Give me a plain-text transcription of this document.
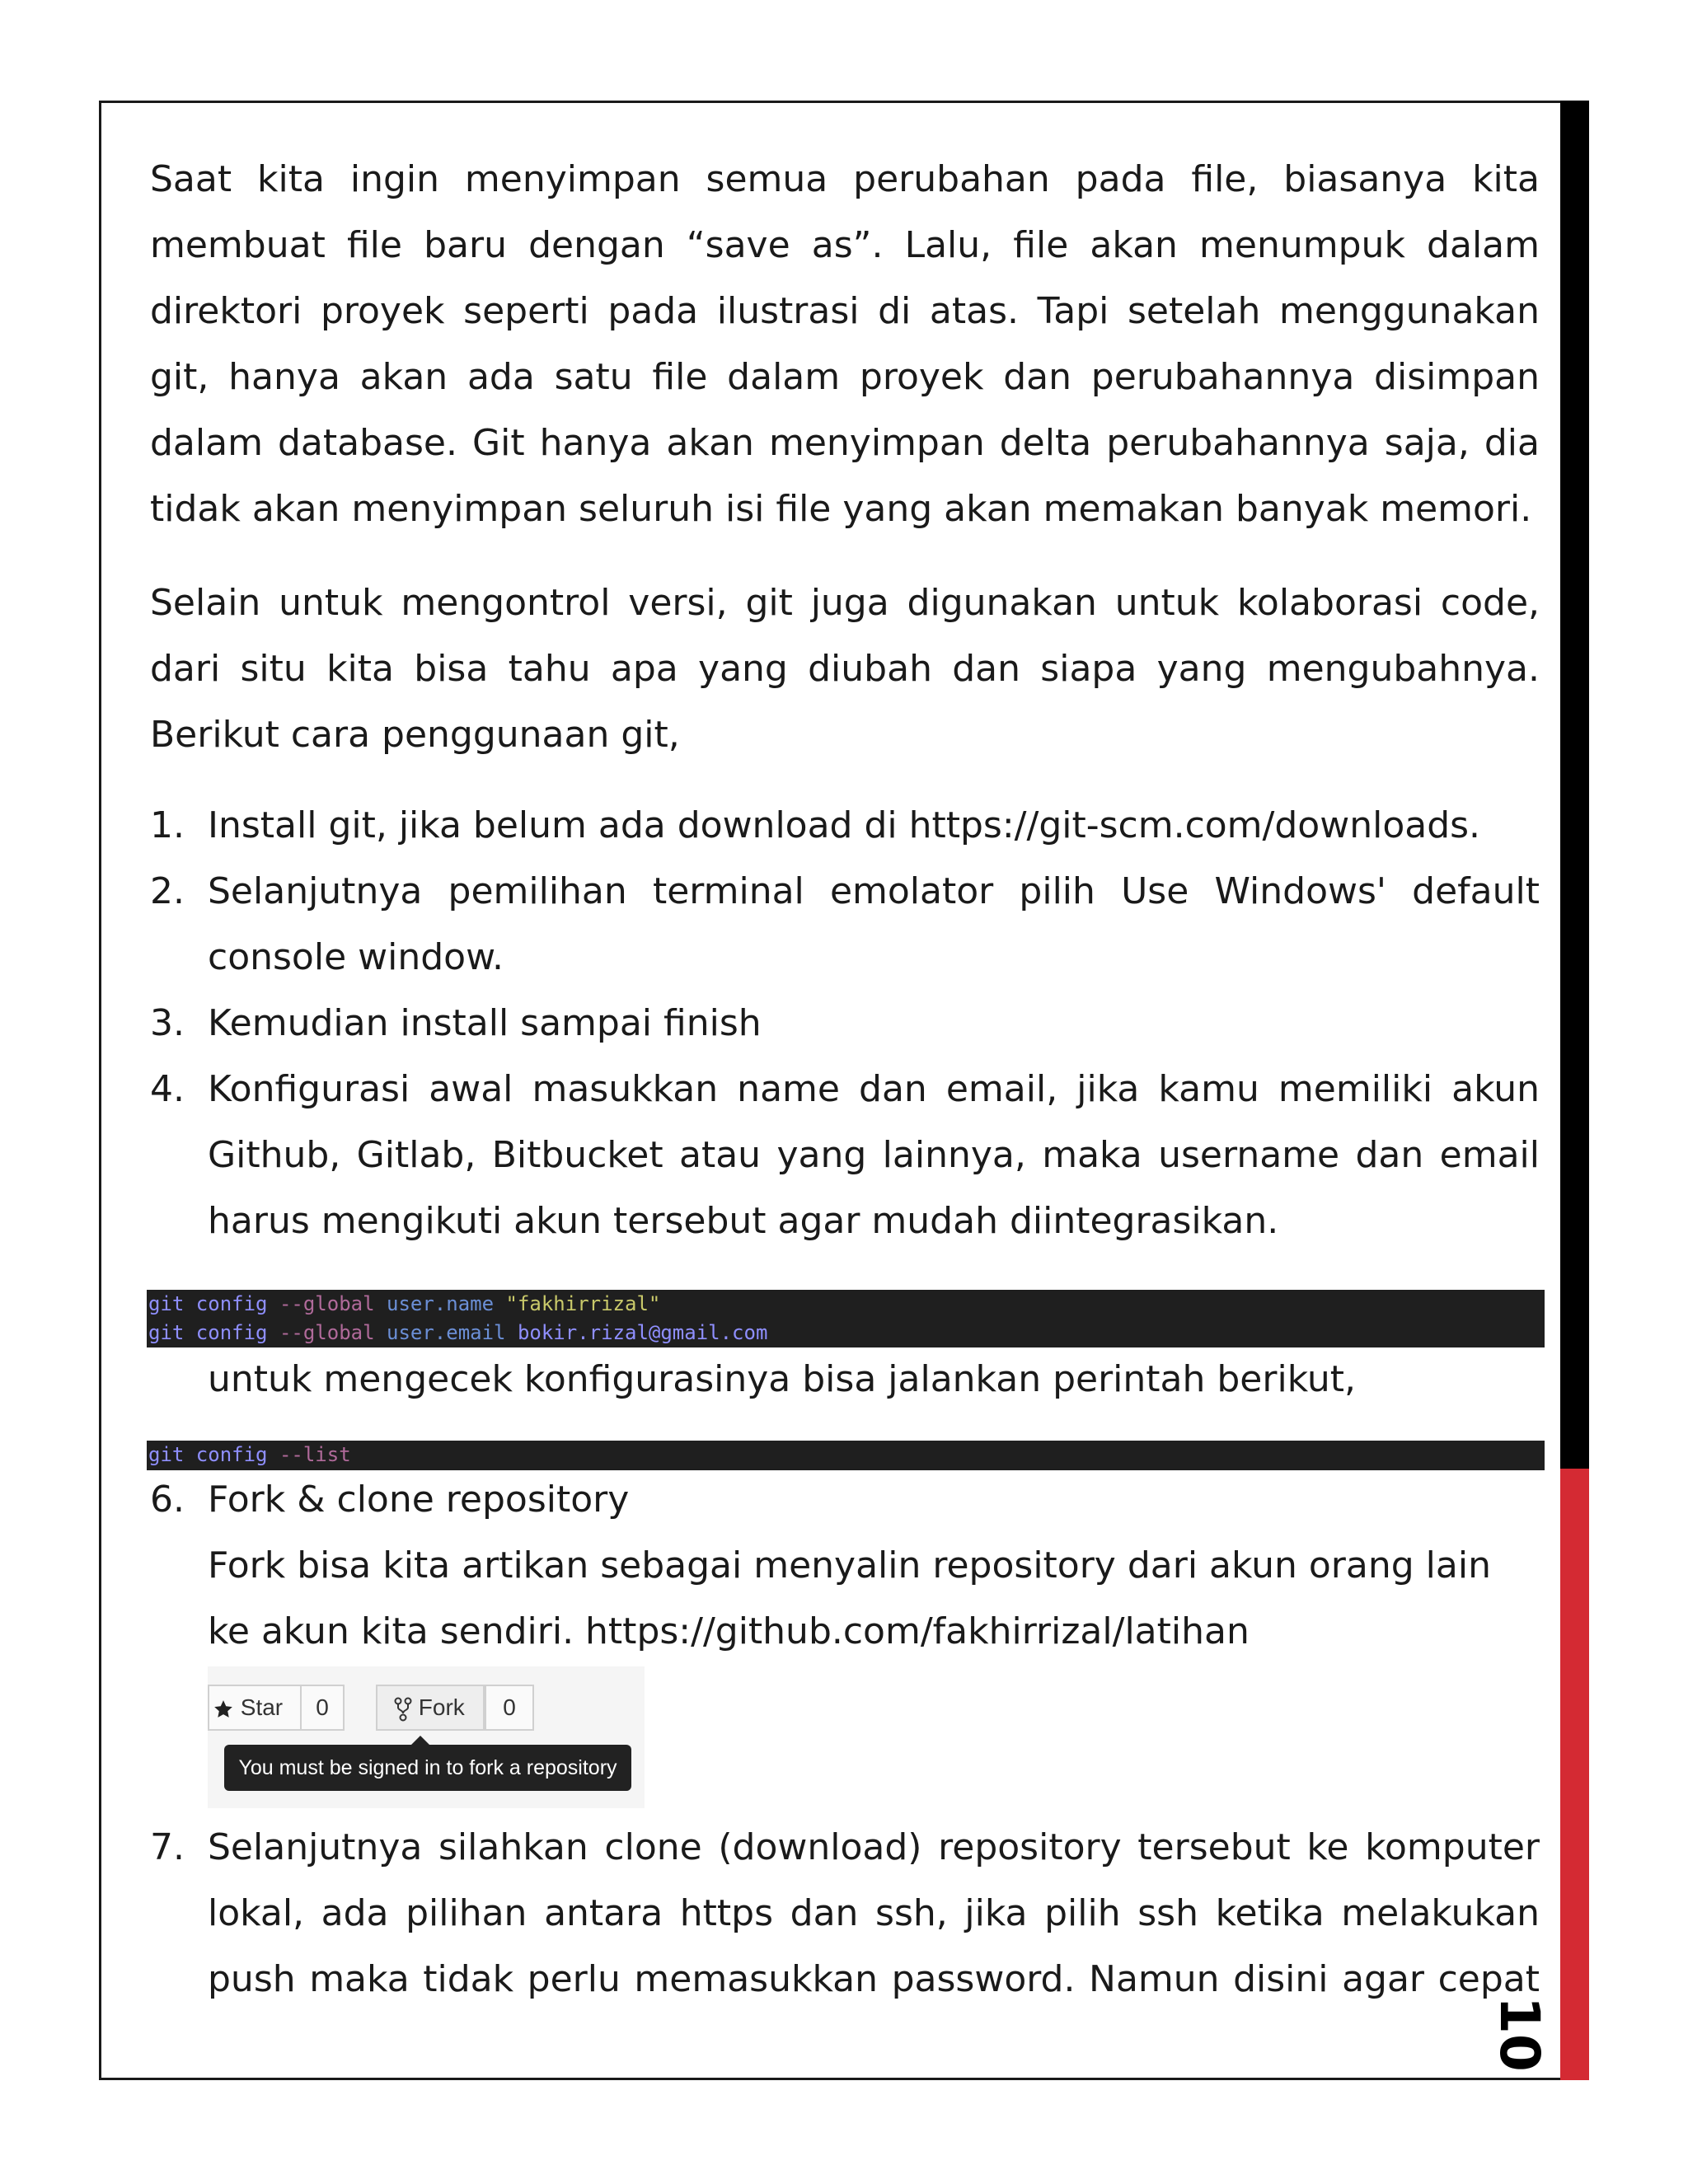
10

Saat kita ingin menyimpan semua perubahan pada file, biasanya kita membuat file baru dengan “save as”. Lalu, file akan menumpuk dalam direktori proyek seperti pada ilustrasi di atas. Tapi setelah menggunakan git, hanya akan ada satu file dalam proyek dan perubahannya disimpan dalam database. Git hanya akan menyimpan delta perubahannya saja, dia tidak akan menyimpan seluruh isi file yang akan memakan banyak memori.

Selain untuk mengontrol versi, git juga digunakan untuk kolaborasi code, dari situ kita bisa tahu apa yang diubah dan siapa yang mengubahnya. Berikut cara penggunaan git,

1. Install git, jika belum ada download di https://git-scm.com/downloads.
2. Selanjutnya pemilihan terminal emolator pilih Use Windows' default console window.
3. Kemudian install sampai finish
4. Konfigurasi awal masukkan name dan email, jika kamu memiliki akun Github, Gitlab, Bitbucket atau yang lainnya, maka username dan email harus mengikuti akun tersebut agar mudah diintegrasikan.
git config --global user.name "fakhirrizal"
git config --global user.email bokir.rizal@gmail.com
untuk mengecek konfigurasinya bisa jalankan perintah berikut,
git config --list
6. Fork & clone repository
Fork bisa kita artikan sebagai menyalin repository dari akun orang lain ke akun kita sendiri. https://github.com/fakhirrizal/latihan
Star	0	Fork	0
You must be signed in to fork a repository
7. Selanjutnya silahkan clone (download) repository tersebut ke komputer lokal, ada pilihan antara https dan ssh, jika pilih ssh ketika melakukan push maka tidak perlu memasukkan password. Namun disini agar cepat
